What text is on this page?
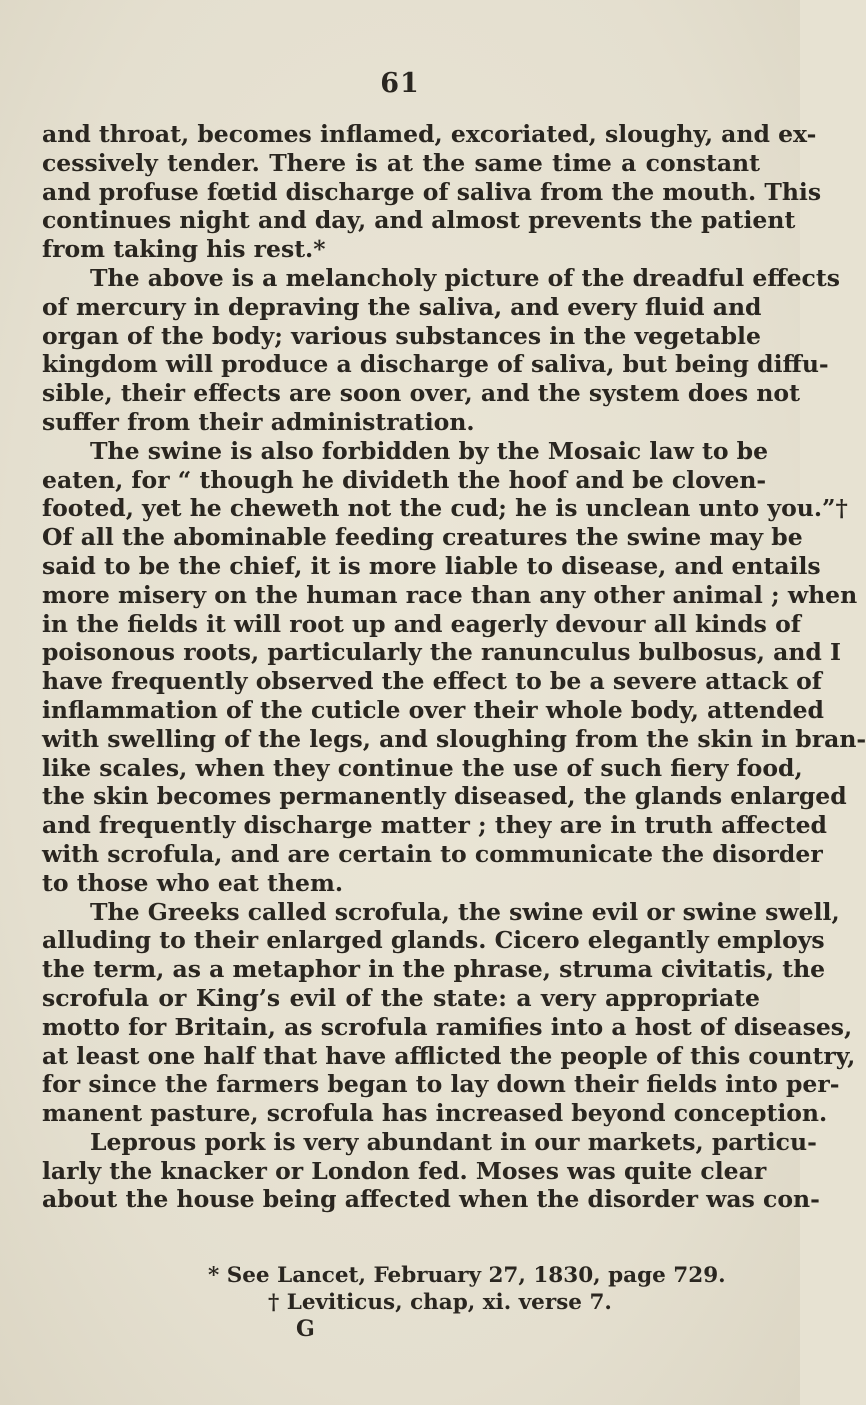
61
and throat, becomes inflamed, excoriated, sloughy, and ex-
cessively tender. There is at the same time a constant
and profuse fœtid discharge of saliva from the mouth. This
continues night and day, and almost prevents the patient
from taking his rest.*
The above is a melancholy picture of the dreadful effects
of mercury in depraving the saliva, and every fluid and
organ of the body; various substances in the vegetable
kingdom will produce a discharge of saliva, but being diffu-
sible, their effects are soon over, and the system does not
suffer from their administration.
The swine is also forbidden by the Mosaic law to be
eaten, for “ though he divideth the hoof and be cloven-
footed, yet he cheweth not the cud; he is unclean unto you.”†
Of all the abominable feeding creatures the swine may be
said to be the chief, it is more liable to disease, and entails
more misery on the human race than any other animal ; when
in the fields it will root up and eagerly devour all kinds of
poisonous roots, particularly the ranunculus bulbosus, and I
have frequently observed the effect to be a severe attack of
inflammation of the cuticle over their whole body, attended
with swelling of the legs, and sloughing from the skin in bran-
like scales, when they continue the use of such fiery food,
the skin becomes permanently diseased, the glands enlarged
and frequently discharge matter ; they are in truth affected
with scrofula, and are certain to communicate the disorder
to those who eat them.
The Greeks called scrofula, the swine evil or swine swell,
alluding to their enlarged glands. Cicero elegantly employs
the term, as a metaphor in the phrase, struma civitatis, the
scrofula or King’s evil of the state: a very appropriate
motto for Britain, as scrofula ramifies into a host of diseases,
at least one half that have afflicted the people of this country,
for since the farmers began to lay down their fields into per-
manent pasture, scrofula has increased beyond conception.
Leprous pork is very abundant in our markets, particu-
larly the knacker or London fed. Moses was quite clear
about the house being affected when the disorder was con-
* See Lancet, February 27, 1830, page 729.
† Leviticus, chap, xi. verse 7.
G
